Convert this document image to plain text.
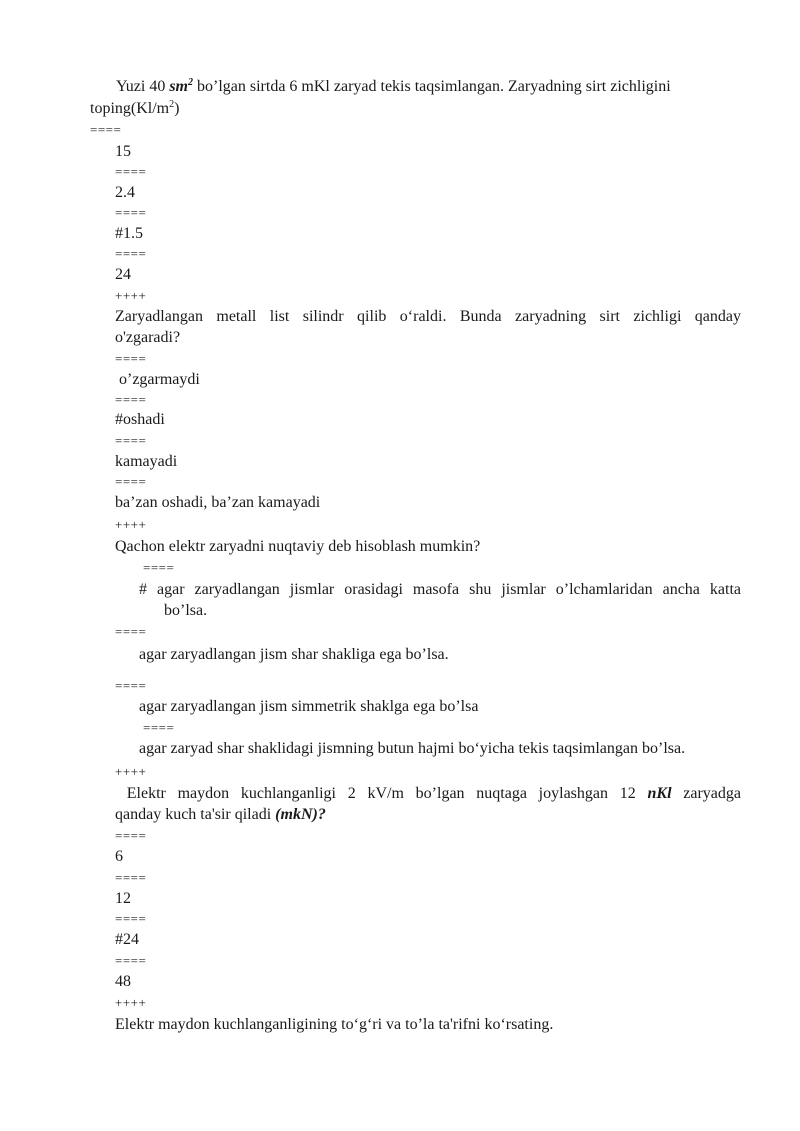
Yuzi 40 $sm^2$ bo’lgan sirtda 6 mKl zaryad tekis taqsimlangan. Zaryadning sirt zichligini
$toping(Kl/m^2)$
====
15
====
2.4
====
#1.5
====
24
++++
Zaryadlangan metall list silindr qilib o‘raldi. Bunda zaryadning sirt zichligi qanday
o'zgaradi?
====
o’zgarmaydi
====
#oshadi
====
kamayadi
====
ba’zan oshadi, ba’zan kamayadi
++++
Qachon elektr zaryadni nuqtaviy deb hisoblash mumkin?
====
# agar zaryadlangan jismlar orasidagi masofa shu jismlar o’lchamlaridan ancha katta
bo’lsa.
====
agar zaryadlangan jism shar shakliga ega bo’lsa.
====
agar zaryadlangan jism simmetrik shaklga ega bo’lsa
====
agar zaryad shar shaklidagi jismning butun hajmi bo‘yicha tekis taqsimlangan bo’lsa.
++++
Elektr maydon kuchlanganligi 2 kV/m bo’lgan nuqtaga joylashgan 12 nKl zaryadga
qanday kuch ta'sir qiladi (mkN)?
====
6
====
12
====
#24
====
48
++++
Elektr maydon kuchlanganligining to‘g‘ri va to’la ta'rifni ko‘rsating.
